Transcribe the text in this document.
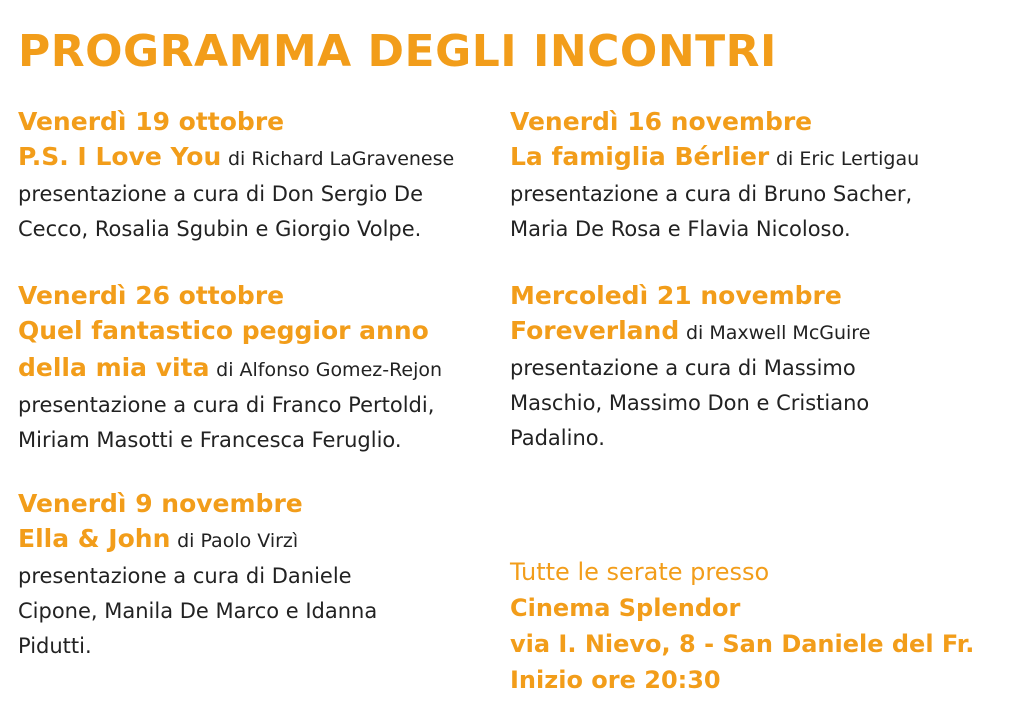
PROGRAMMA DEGLI INCONTRI
Venerdì 19 ottobre
P.S. I Love You di Richard LaGravenese
presentazione a cura di Don Sergio De
Cecco, Rosalia Sgubin e Giorgio Volpe.
Venerdì 26 ottobre
Quel fantastico peggior anno
della mia vita di Alfonso Gomez-Rejon
presentazione a cura di Franco Pertoldi,
Miriam Masotti e Francesca Feruglio.
Venerdì 9 novembre
Ella & John di Paolo Virzì
presentazione a cura di Daniele
Cipone, Manila De Marco e Idanna
Pidutti.
Venerdì 16 novembre
La famiglia Bérlier di Eric Lertigau
presentazione a cura di Bruno Sacher,
Maria De Rosa e Flavia Nicoloso.
Mercoledì 21 novembre
Foreverland di Maxwell McGuire
presentazione a cura di Massimo
Maschio, Massimo Don e Cristiano
Padalino.
Tutte le serate presso
Cinema Splendor
via I. Nievo, 8 - San Daniele del Fr.
Inizio ore 20:30
